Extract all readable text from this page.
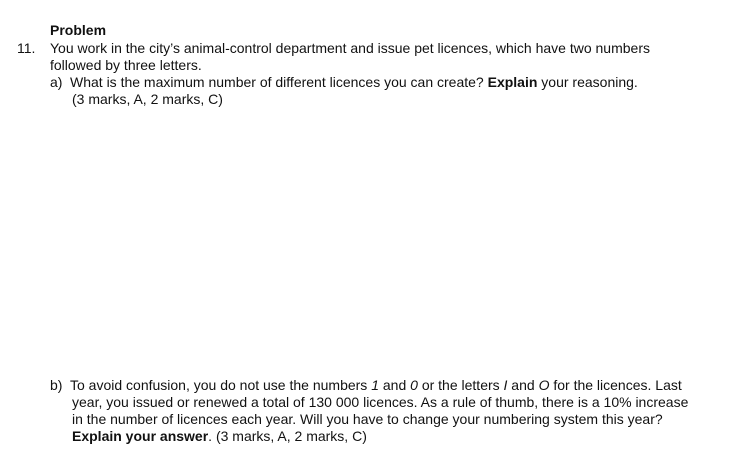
Problem
11. You work in the city’s animal-control department and issue pet licences, which have two numbers
followed by three letters.
a) What is the maximum number of different licences you can create? Explain your reasoning.
(3 marks, A, 2 marks, C)
b) To avoid confusion, you do not use the numbers 1 and 0 or the letters I and O for the licences. Last
year, you issued or renewed a total of 130 000 licences. As a rule of thumb, there is a 10% increase
in the number of licences each year. Will you have to change your numbering system this year?
Explain your answer. (3 marks, A, 2 marks, C)
